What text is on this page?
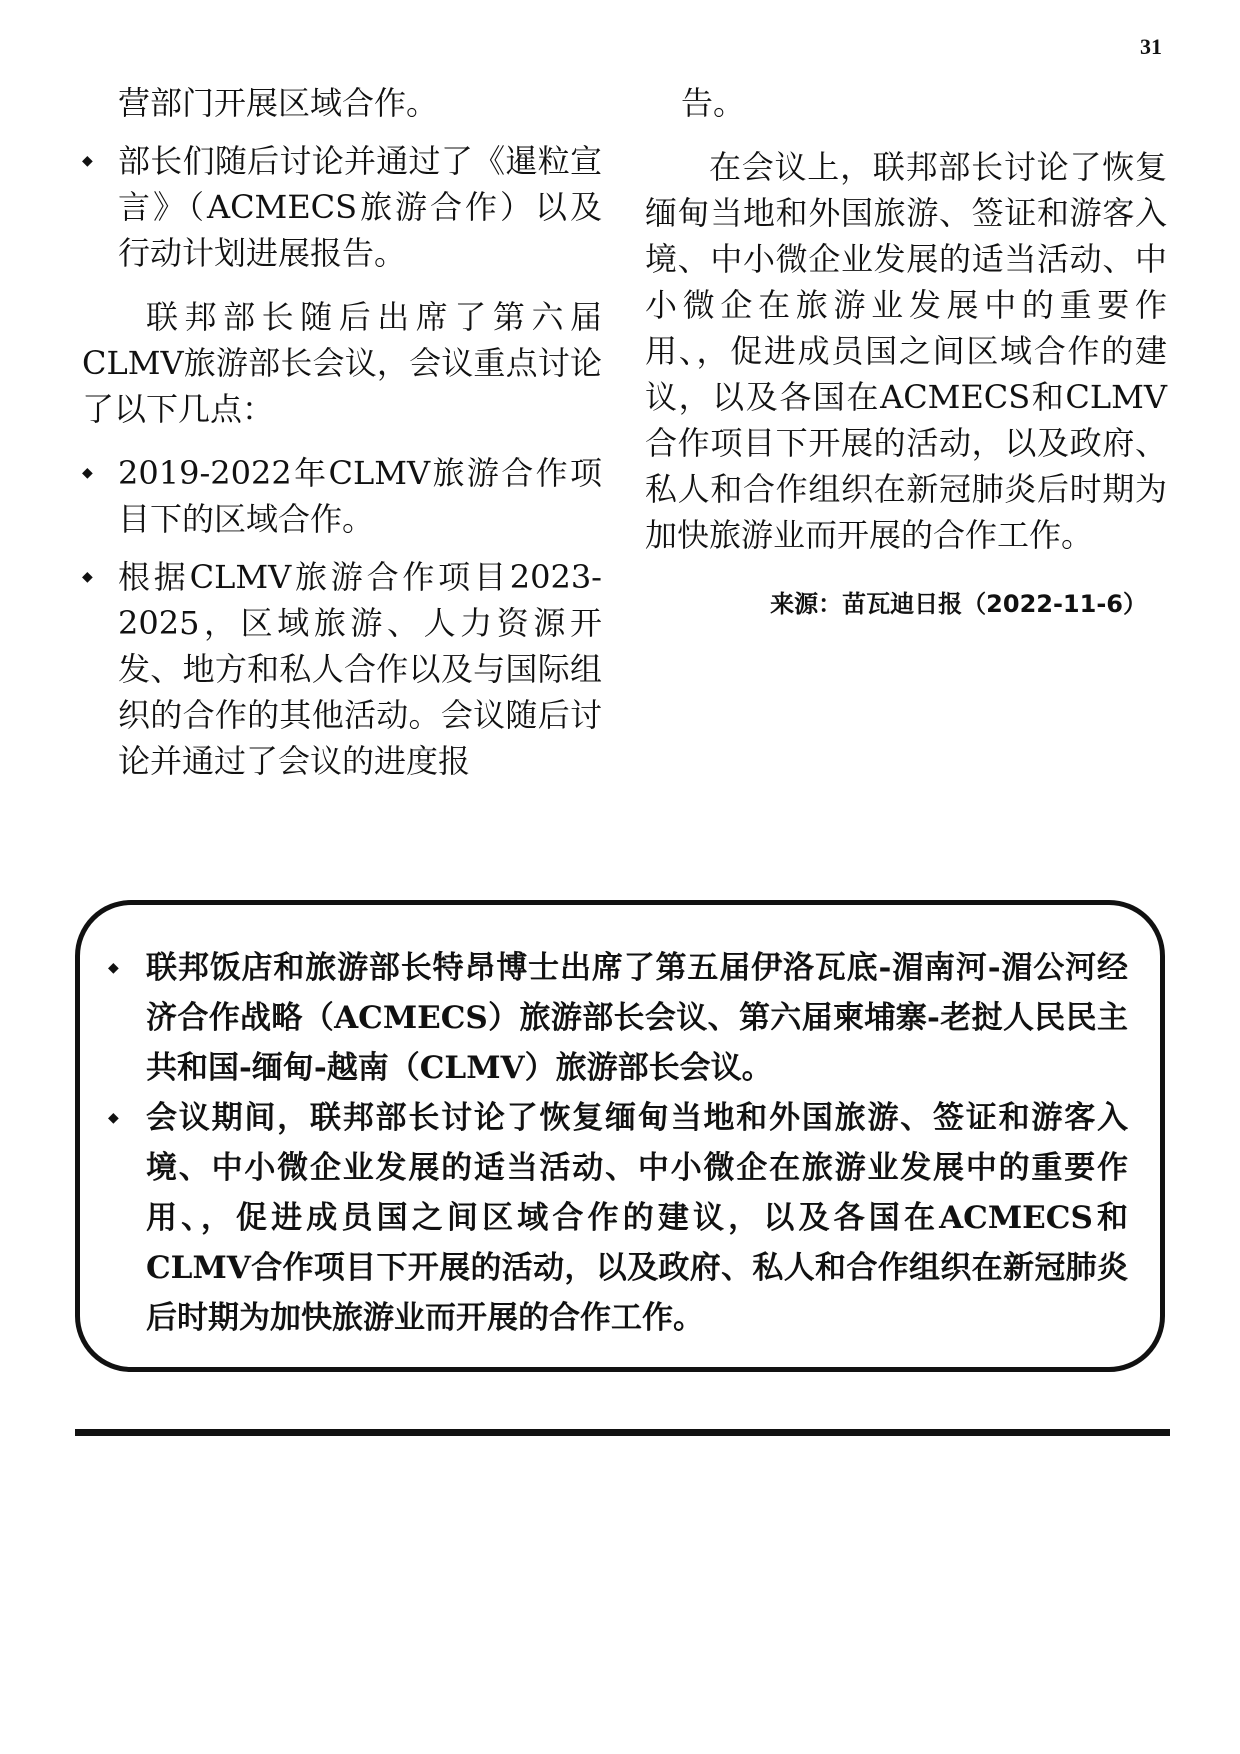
31

营部门开展区域合作。

◆ 部长们随后讨论并通过了《暹粒宣言》（ACMECS旅游合作）以及行动计划进展报告。

联邦部长随后出席了第六届CLMV旅游部长会议，会议重点讨论了以下几点：

◆ 2019-2022年CLMV旅游合作项目下的区域合作。
◆ 根据CLMV旅游合作项目2023-2025，区域旅游、人力资源开发、地方和私人合作以及与国际组织的合作的其他活动。会议随后讨论并通过了会议的进度报

告。

在会议上，联邦部长讨论了恢复缅甸当地和外国旅游、签证和游客入境、中小微企业发展的适当活动、中小微企在旅游业发展中的重要作用、，促进成员国之间区域合作的建议，以及各国在ACMECS和CLMV合作项目下开展的活动，以及政府、私人和合作组织在新冠肺炎后时期为加快旅游业而开展的合作工作。

来源：苗瓦迪日报（2022-11-6）
◆ 联邦饭店和旅游部长特昂博士出席了第五届伊洛瓦底-湄南河-湄公河经济合作战略（ACMECS）旅游部长会议、第六届柬埔寨-老挝人民民主共和国-缅甸-越南（CLMV）旅游部长会议。
◆ 会议期间，联邦部长讨论了恢复缅甸当地和外国旅游、签证和游客入境、中小微企业发展的适当活动、中小微企在旅游业发展中的重要作用、，促进成员国之间区域合作的建议，以及各国在ACMECS和CLMV合作项目下开展的活动，以及政府、私人和合作组织在新冠肺炎后时期为加快旅游业而开展的合作工作。
